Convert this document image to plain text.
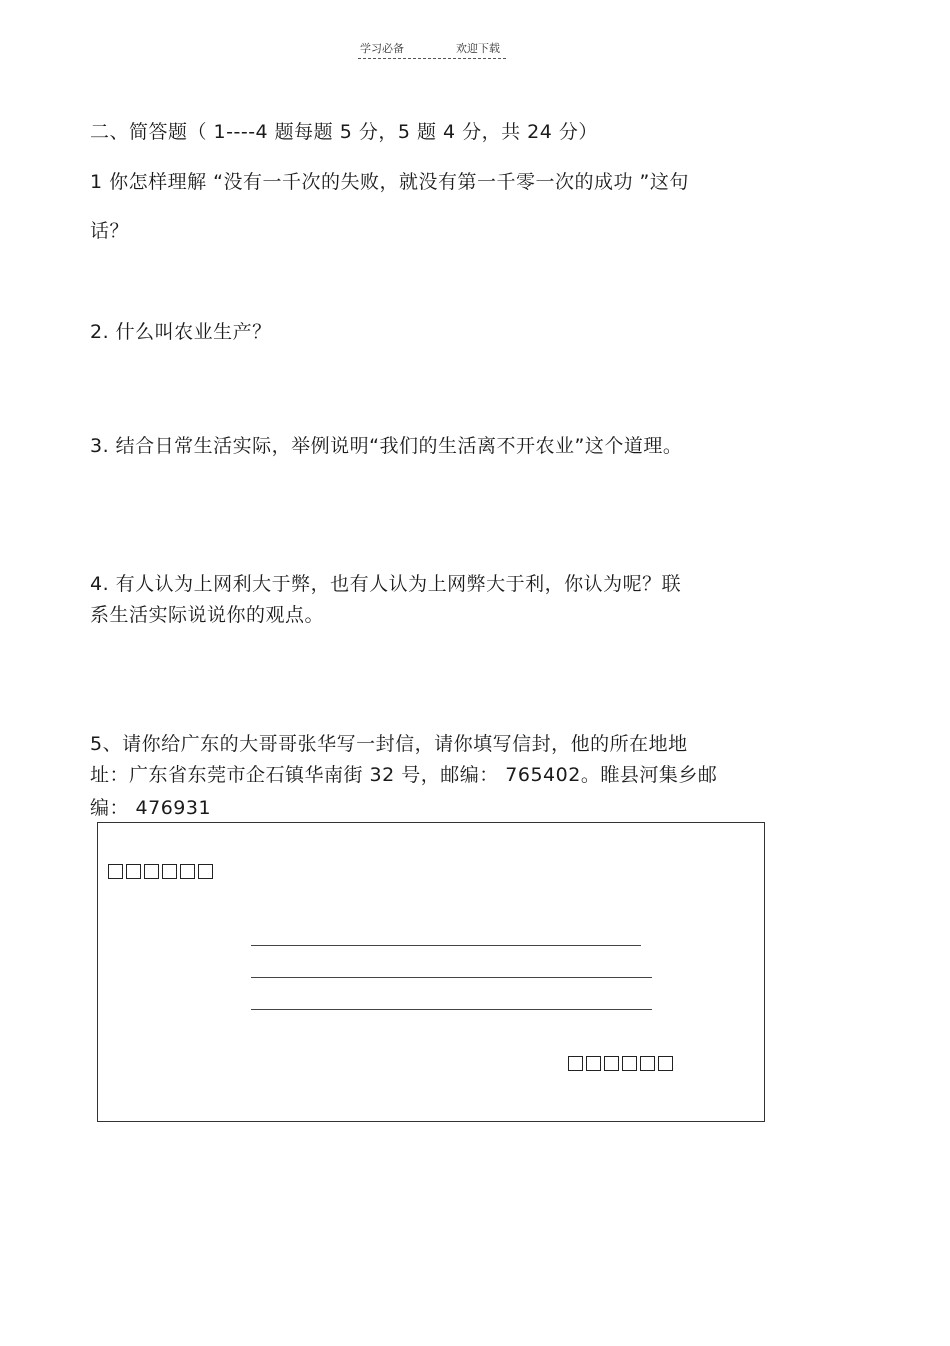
学习必备	欢迎下载
二、简答题（ 1----4 题每题 5 分，5 题 4 分，共 24 分）
1 你怎样理解 “没有一千次的失败，就没有第一千零一次的成功 ”这句
话？
2. 什么叫农业生产？
3. 结合日常生活实际，举例说明“我们的生活离不开农业”这个道理。
4. 有人认为上网利大于弊，也有人认为上网弊大于利，你认为呢？联
系生活实际说说你的观点。
5、请你给广东的大哥哥张华写一封信，请你填写信封，他的所在地地
址：广东省东莞市企石镇华南街 32 号，邮编： 765402。睢县河集乡邮
编： 476931
